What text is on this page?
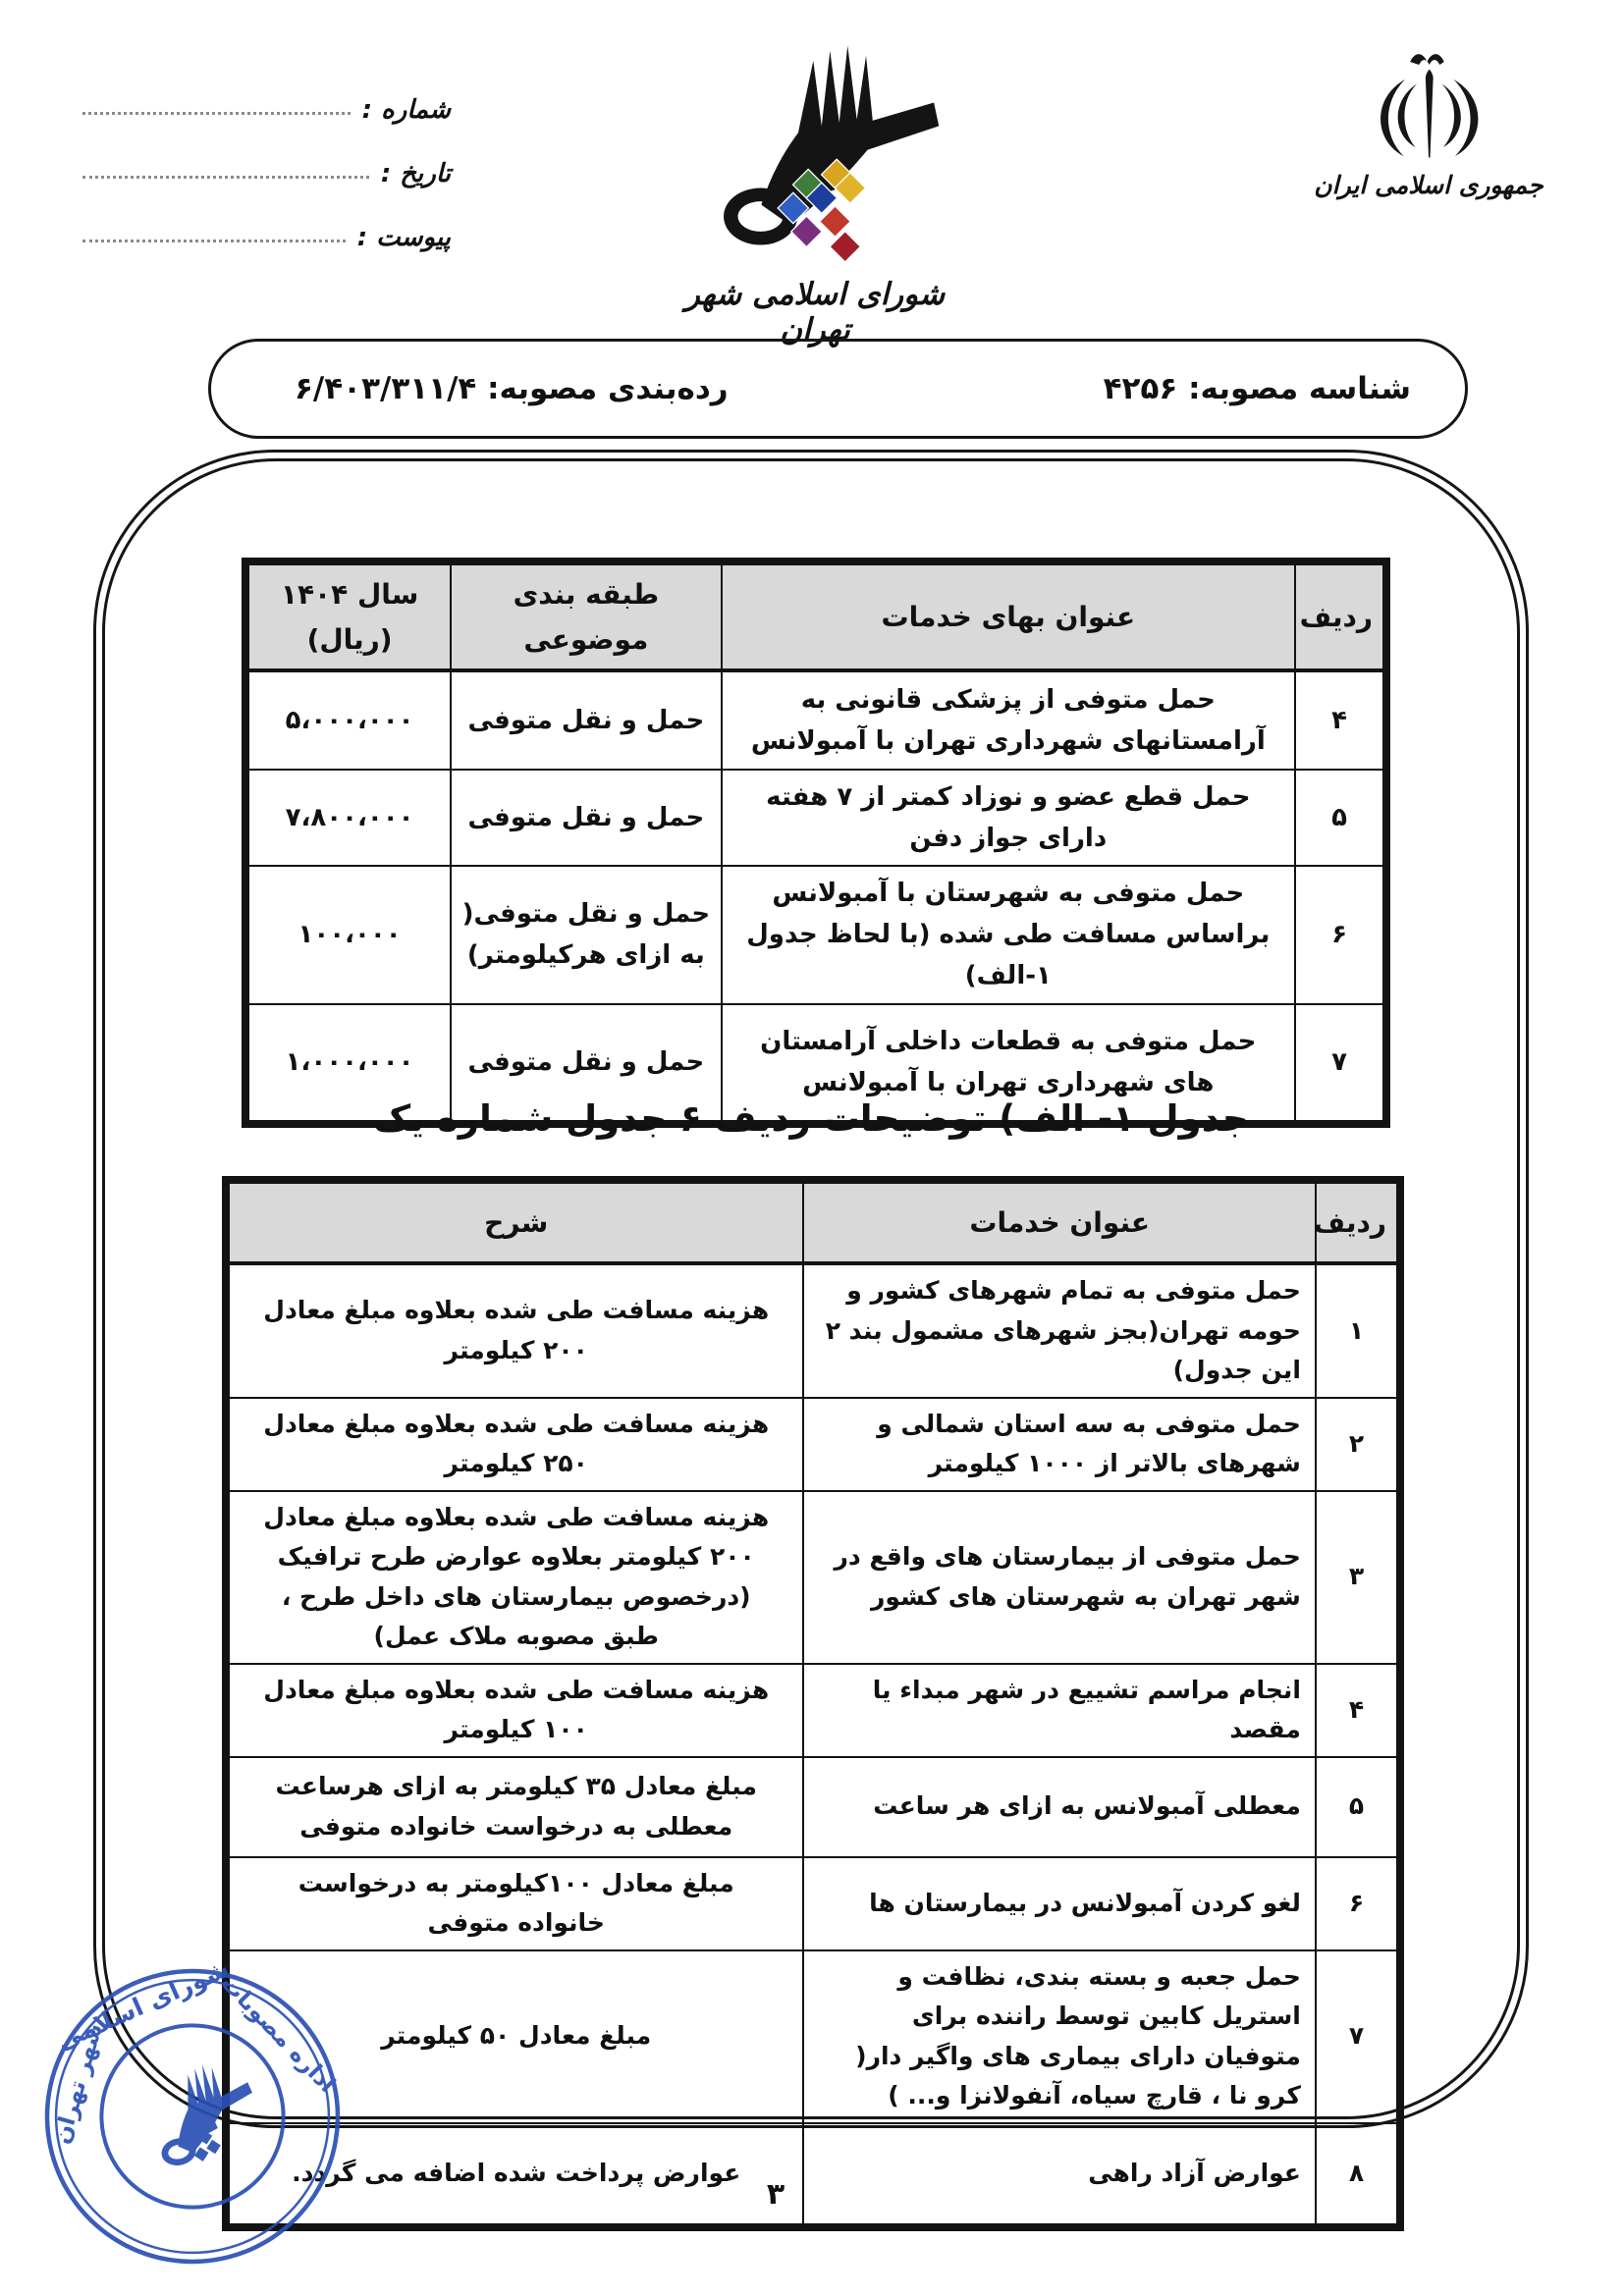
شماره :
تاریخ :
پیوست :
شورای اسلامی شهر تهران
جمهوری اسلامی ایران
شناسه مصوبه: ۴۲۵۶
رده‌بندی مصوبه: ۶/۴۰۳/۳۱۱/۴
ردیف	عنوان بهای خدمات	طبقه بندی موضوعی	سال ۱۴۰۴
(ریال)

۴	حمل متوفی از پزشکی قانونی به آرامستانهای شهرداری تهران با آمبولانس	حمل و نقل متوفی	۵،۰۰۰،۰۰۰
۵	حمل قطع عضو و نوزاد کمتر از ۷ هفته دارای جواز دفن	حمل و نقل متوفی	۷،۸۰۰،۰۰۰
۶	حمل متوفی به شهرستان با آمبولانس براساس مسافت طی شده (با لحاظ جدول ۱-الف)	حمل و نقل متوفی( به ازای هرکیلومتر)	۱۰۰،۰۰۰
۷	حمل متوفی به قطعات داخلی آرامستان های شهرداری تهران با آمبولانس	حمل و نقل متوفی	۱،۰۰۰،۰۰۰
جدول ۱- الف) توضیحات ردیف ۶ جدول شماره یک
ردیف	عنوان خدمات	شرح
۱	حمل متوفی به تمام شهرهای کشور و حومه تهران(بجز شهرهای مشمول بند ۲ این جدول)	هزینه مسافت طی شده بعلاوه مبلغ معادل ۲۰۰ کیلومتر
۲	حمل متوفی به سه استان شمالی و شهرهای بالاتر از ۱۰۰۰ کیلومتر	هزینه مسافت طی شده بعلاوه مبلغ معادل ۲۵۰ کیلومتر
۳	حمل متوفی از بیمارستان های واقع در شهر تهران به شهرستان های کشور	هزینه مسافت طی شده بعلاوه مبلغ معادل ۲۰۰ کیلومتر بعلاوه عوارض طرح ترافیک (درخصوص بیمارستان های داخل طرح ، طبق مصوبه ملاک عمل)
۴	انجام مراسم تشییع در شهر مبداء یا مقصد	هزینه مسافت طی شده بعلاوه مبلغ معادل ۱۰۰ کیلومتر
۵	معطلی آمبولانس به ازای هر ساعت	مبلغ معادل ۳۵ کیلومتر به ازای هرساعت معطلی به درخواست خانواده متوفی
۶	لغو کردن آمبولانس در بیمارستان ها	مبلغ معادل ۱۰۰کیلومتر به درخواست خانواده متوفی
۷	حمل جعبه و بسته بندی، نظافت و استریل کابین توسط راننده برای متوفیان دارای بیماری های واگیر دار( کرو نا ، قارچ سیاه، آنفولانزا و... )	مبلغ معادل ۵۰ کیلومتر
۸	عوارض آزاد راهی	عوارض پرداخت شده اضافه می گردد.
شورای اسلامی
شهر تهران	اداره مصوبات
۳
